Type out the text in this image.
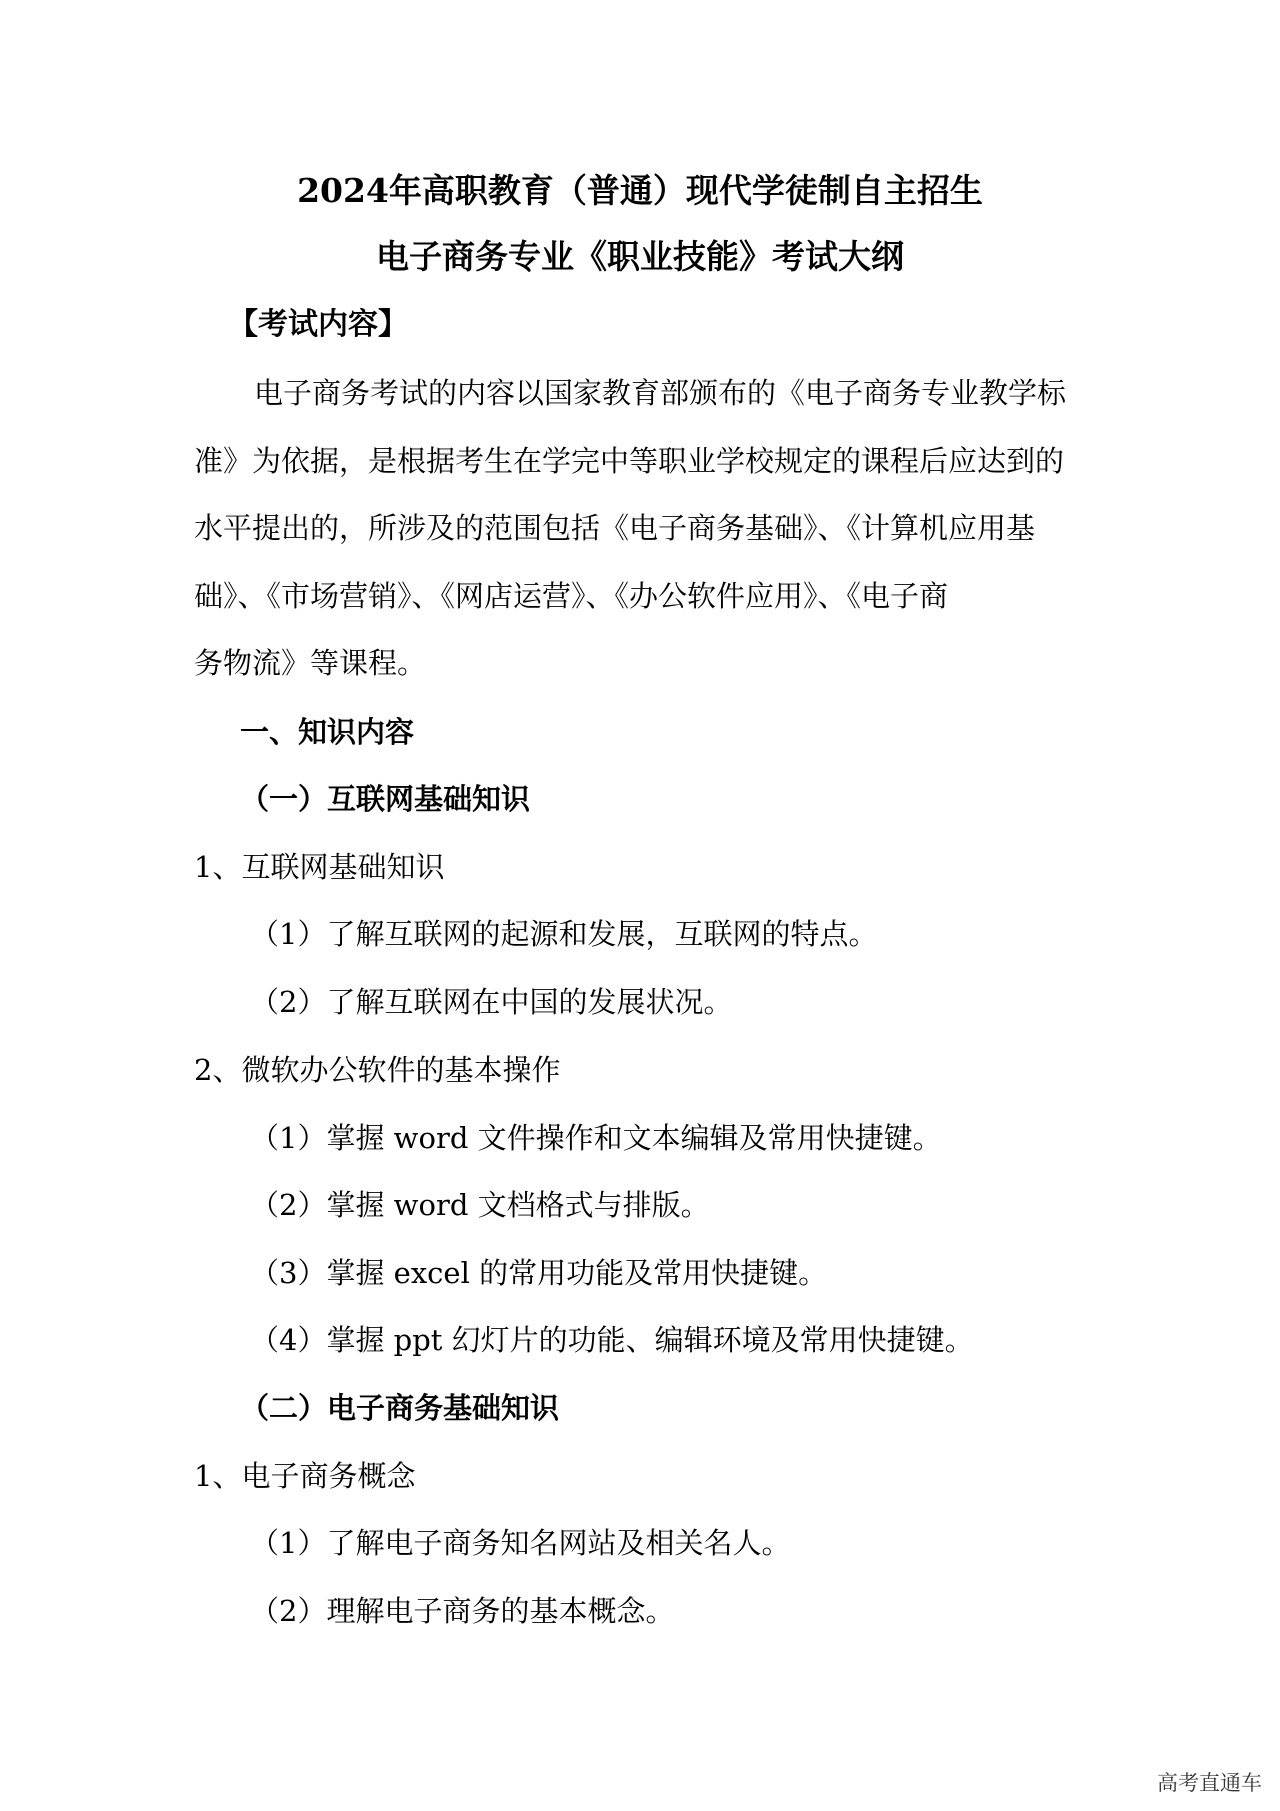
2024年高职教育（普通）现代学徒制自主招生
电子商务专业《职业技能》考试大纲
【考试内容】
电子商务考试的内容以国家教育部颁布的《电子商务专业教学标
准》为依据，是根据考生在学完中等职业学校规定的课程后应达到的
水平提出的，所涉及的范围包括《电子商务基础》、《计算机应用基
础》、《市场营销》、《网店运营》、《办公软件应用》、《电子商
务物流》等课程。
一、知识内容
（一）互联网基础知识
1、互联网基础知识
（1）了解互联网的起源和发展，互联网的特点。
（2）了解互联网在中国的发展状况。
2、微软办公软件的基本操作
（1）掌握 word 文件操作和文本编辑及常用快捷键。
（2）掌握 word 文档格式与排版。
（3）掌握 excel 的常用功能及常用快捷键。
（4）掌握 ppt 幻灯片的功能、编辑环境及常用快捷键。
（二）电子商务基础知识
1、电子商务概念
（1）了解电子商务知名网站及相关名人。
（2）理解电子商务的基本概念。
高考直通车
